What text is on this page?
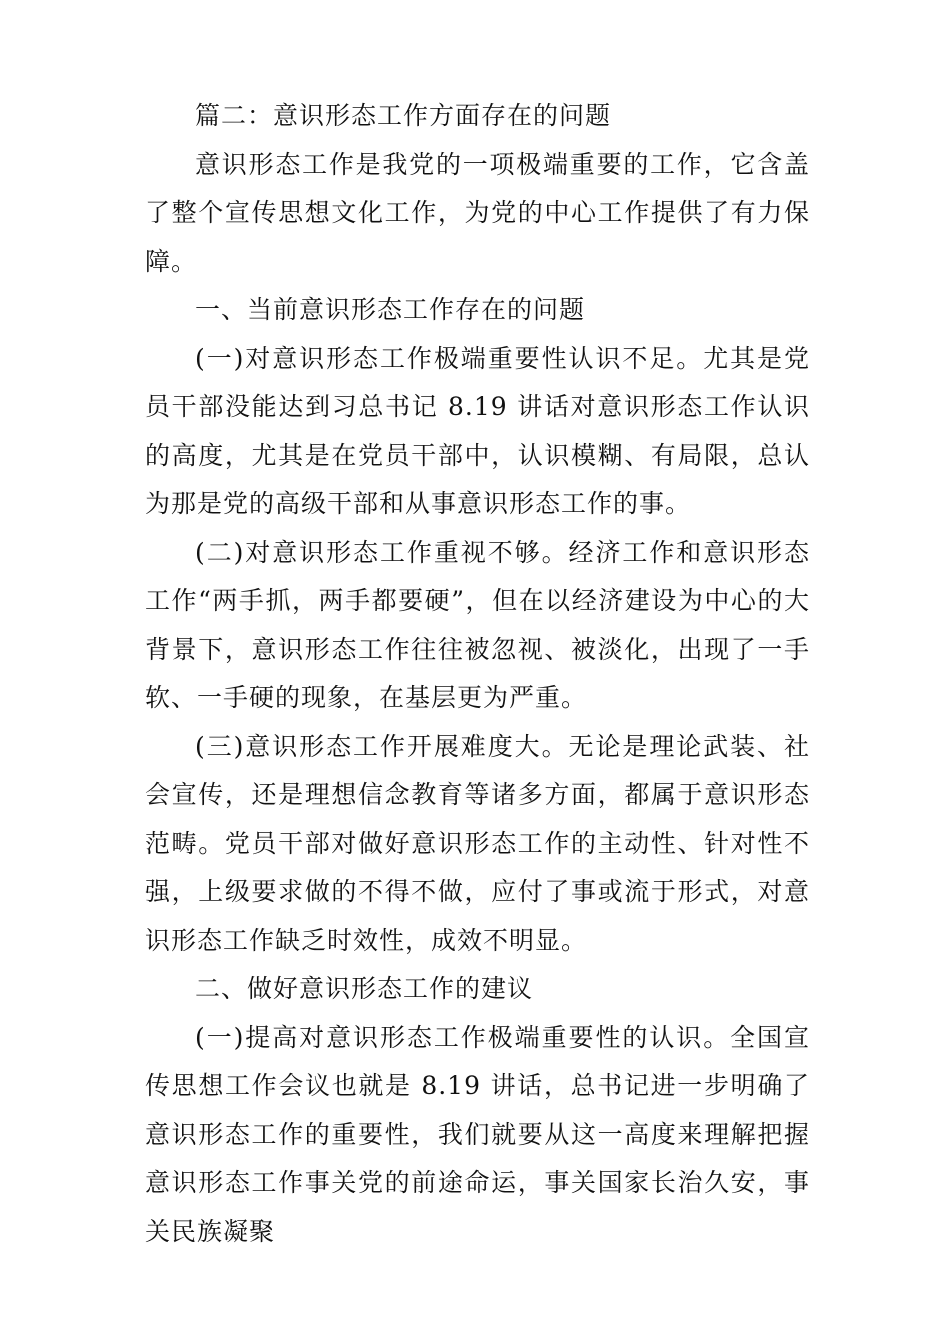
篇二：意识形态工作方面存在的问题

意识形态工作是我党的一项极端重要的工作，它含盖了整个宣传思想文化工作，为党的中心工作提供了有力保障。

一、当前意识形态工作存在的问题

(一)对意识形态工作极端重要性认识不足。尤其是党员干部没能达到习总书记 8.19 讲话对意识形态工作认识的高度，尤其是在党员干部中，认识模糊、有局限，总认为那是党的高级干部和从事意识形态工作的事。

(二)对意识形态工作重视不够。经济工作和意识形态工作“两手抓，两手都要硬”，但在以经济建设为中心的大背景下，意识形态工作往往被忽视、被淡化，出现了一手软、一手硬的现象，在基层更为严重。

(三)意识形态工作开展难度大。无论是理论武装、社会宣传，还是理想信念教育等诸多方面，都属于意识形态范畴。党员干部对做好意识形态工作的主动性、针对性不强，上级要求做的不得不做，应付了事或流于形式，对意识形态工作缺乏时效性，成效不明显。

二、做好意识形态工作的建议

(一)提高对意识形态工作极端重要性的认识。全国宣传思想工作会议也就是 8.19 讲话，总书记进一步明确了意识形态工作的重要性，我们就要从这一高度来理解把握意识形态工作事关党的前途命运，事关国家长治久安，事关民族凝聚
